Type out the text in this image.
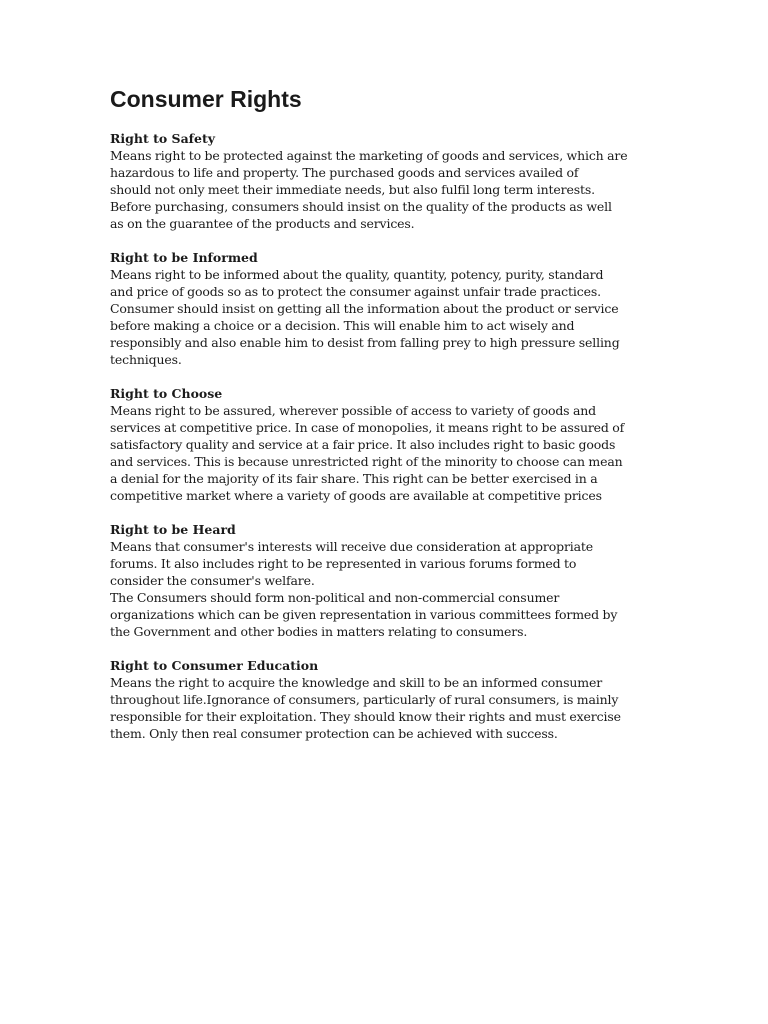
Consumer Rights

Right to Safety

Means right to be protected against the marketing of goods and services, which are
hazardous to life and property. The purchased goods and services availed of
should not only meet their immediate needs, but also fulfil long term interests.
Before purchasing, consumers should insist on the quality of the products as well
as on the guarantee of the products and services.

Right to be Informed

Means right to be informed about the quality, quantity, potency, purity, standard
and price of goods so as to protect the consumer against unfair trade practices.
Consumer should insist on getting all the information about the product or service
before making a choice or a decision. This will enable him to act wisely and
responsibly and also enable him to desist from falling prey to high pressure selling
techniques.

Right to Choose

Means right to be assured, wherever possible of access to variety of goods and
services at competitive price. In case of monopolies, it means right to be assured of
satisfactory quality and service at a fair price. It also includes right to basic goods
and services. This is because unrestricted right of the minority to choose can mean
a denial for the majority of its fair share. This right can be better exercised in a
competitive market where a variety of goods are available at competitive prices

Right to be Heard

Means that consumer's interests will receive due consideration at appropriate
forums. It also includes right to be represented in various forums formed to
consider the consumer's welfare.
The Consumers should form non-political and non-commercial consumer
organizations which can be given representation in various committees formed by
the Government and other bodies in matters relating to consumers.

Right to Consumer Education

Means the right to acquire the knowledge and skill to be an informed consumer
throughout life.Ignorance of consumers, particularly of rural consumers, is mainly
responsible for their exploitation. They should know their rights and must exercise
them. Only then real consumer protection can be achieved with success.
